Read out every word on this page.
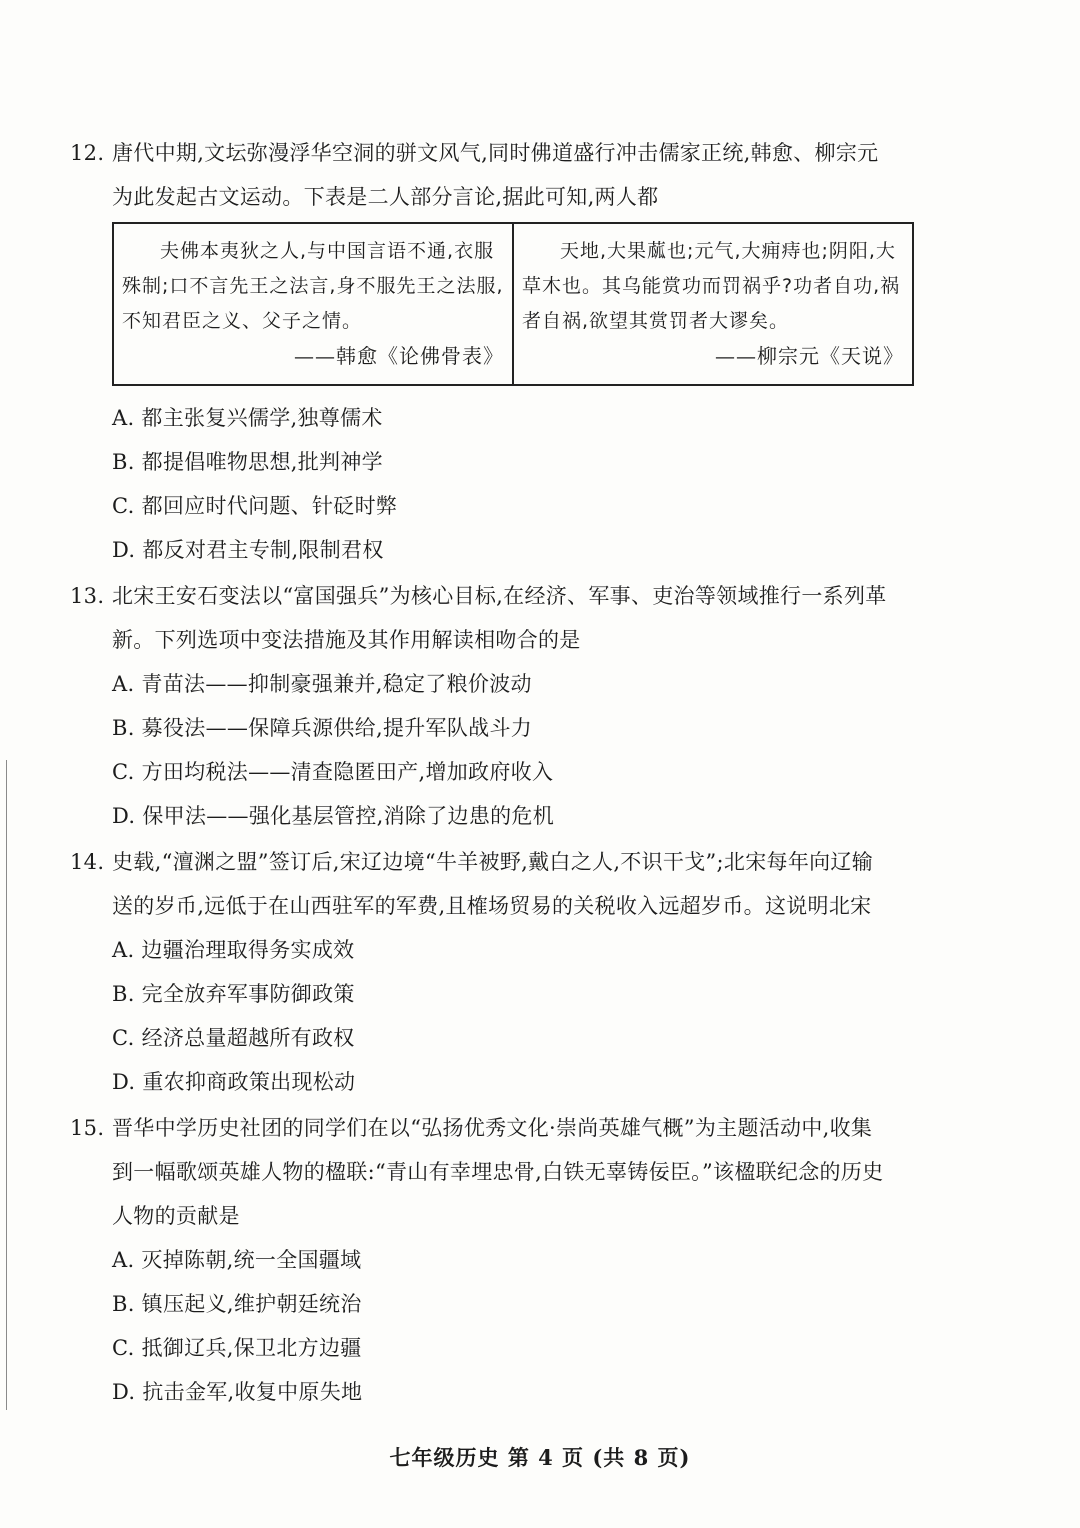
12. 唐代中期,文坛弥漫浮华空洞的骈文风气,同时佛道盛行冲击儒家正统,韩愈、柳宗元
为此发起古文运动。下表是二人部分言论,据此可知,两人都
夫佛本夷狄之人,与中国言语不通,衣服殊制;口不言先王之法言,身不服先王之法服,不知君臣之义、父子之情。
——韩愈《论佛骨表》
天地,大果蓏也;元气,大痈痔也;阴阳,大草木也。其乌能赏功而罚祸乎?功者自功,祸者自祸,欲望其赏罚者大谬矣。
——柳宗元《天说》
A. 都主张复兴儒学,独尊儒术
B. 都提倡唯物思想,批判神学
C. 都回应时代问题、针砭时弊
D. 都反对君主专制,限制君权
13. 北宋王安石变法以“富国强兵”为核心目标,在经济、军事、吏治等领域推行一系列革
新。下列选项中变法措施及其作用解读相吻合的是
A. 青苗法——抑制豪强兼并,稳定了粮价波动
B. 募役法——保障兵源供给,提升军队战斗力
C. 方田均税法——清查隐匿田产,增加政府收入
D. 保甲法——强化基层管控,消除了边患的危机
14. 史载,“澶渊之盟”签订后,宋辽边境“牛羊被野,戴白之人,不识干戈”;北宋每年向辽输
送的岁币,远低于在山西驻军的军费,且榷场贸易的关税收入远超岁币。这说明北宋
A. 边疆治理取得务实成效
B. 完全放弃军事防御政策
C. 经济总量超越所有政权
D. 重农抑商政策出现松动
15. 晋华中学历史社团的同学们在以“弘扬优秀文化·崇尚英雄气概”为主题活动中,收集
到一幅歌颂英雄人物的楹联:“青山有幸埋忠骨,白铁无辜铸佞臣。”该楹联纪念的历史
人物的贡献是
A. 灭掉陈朝,统一全国疆域
B. 镇压起义,维护朝廷统治
C. 抵御辽兵,保卫北方边疆
D. 抗击金军,收复中原失地
七年级历史 第 4 页 (共 8 页)
